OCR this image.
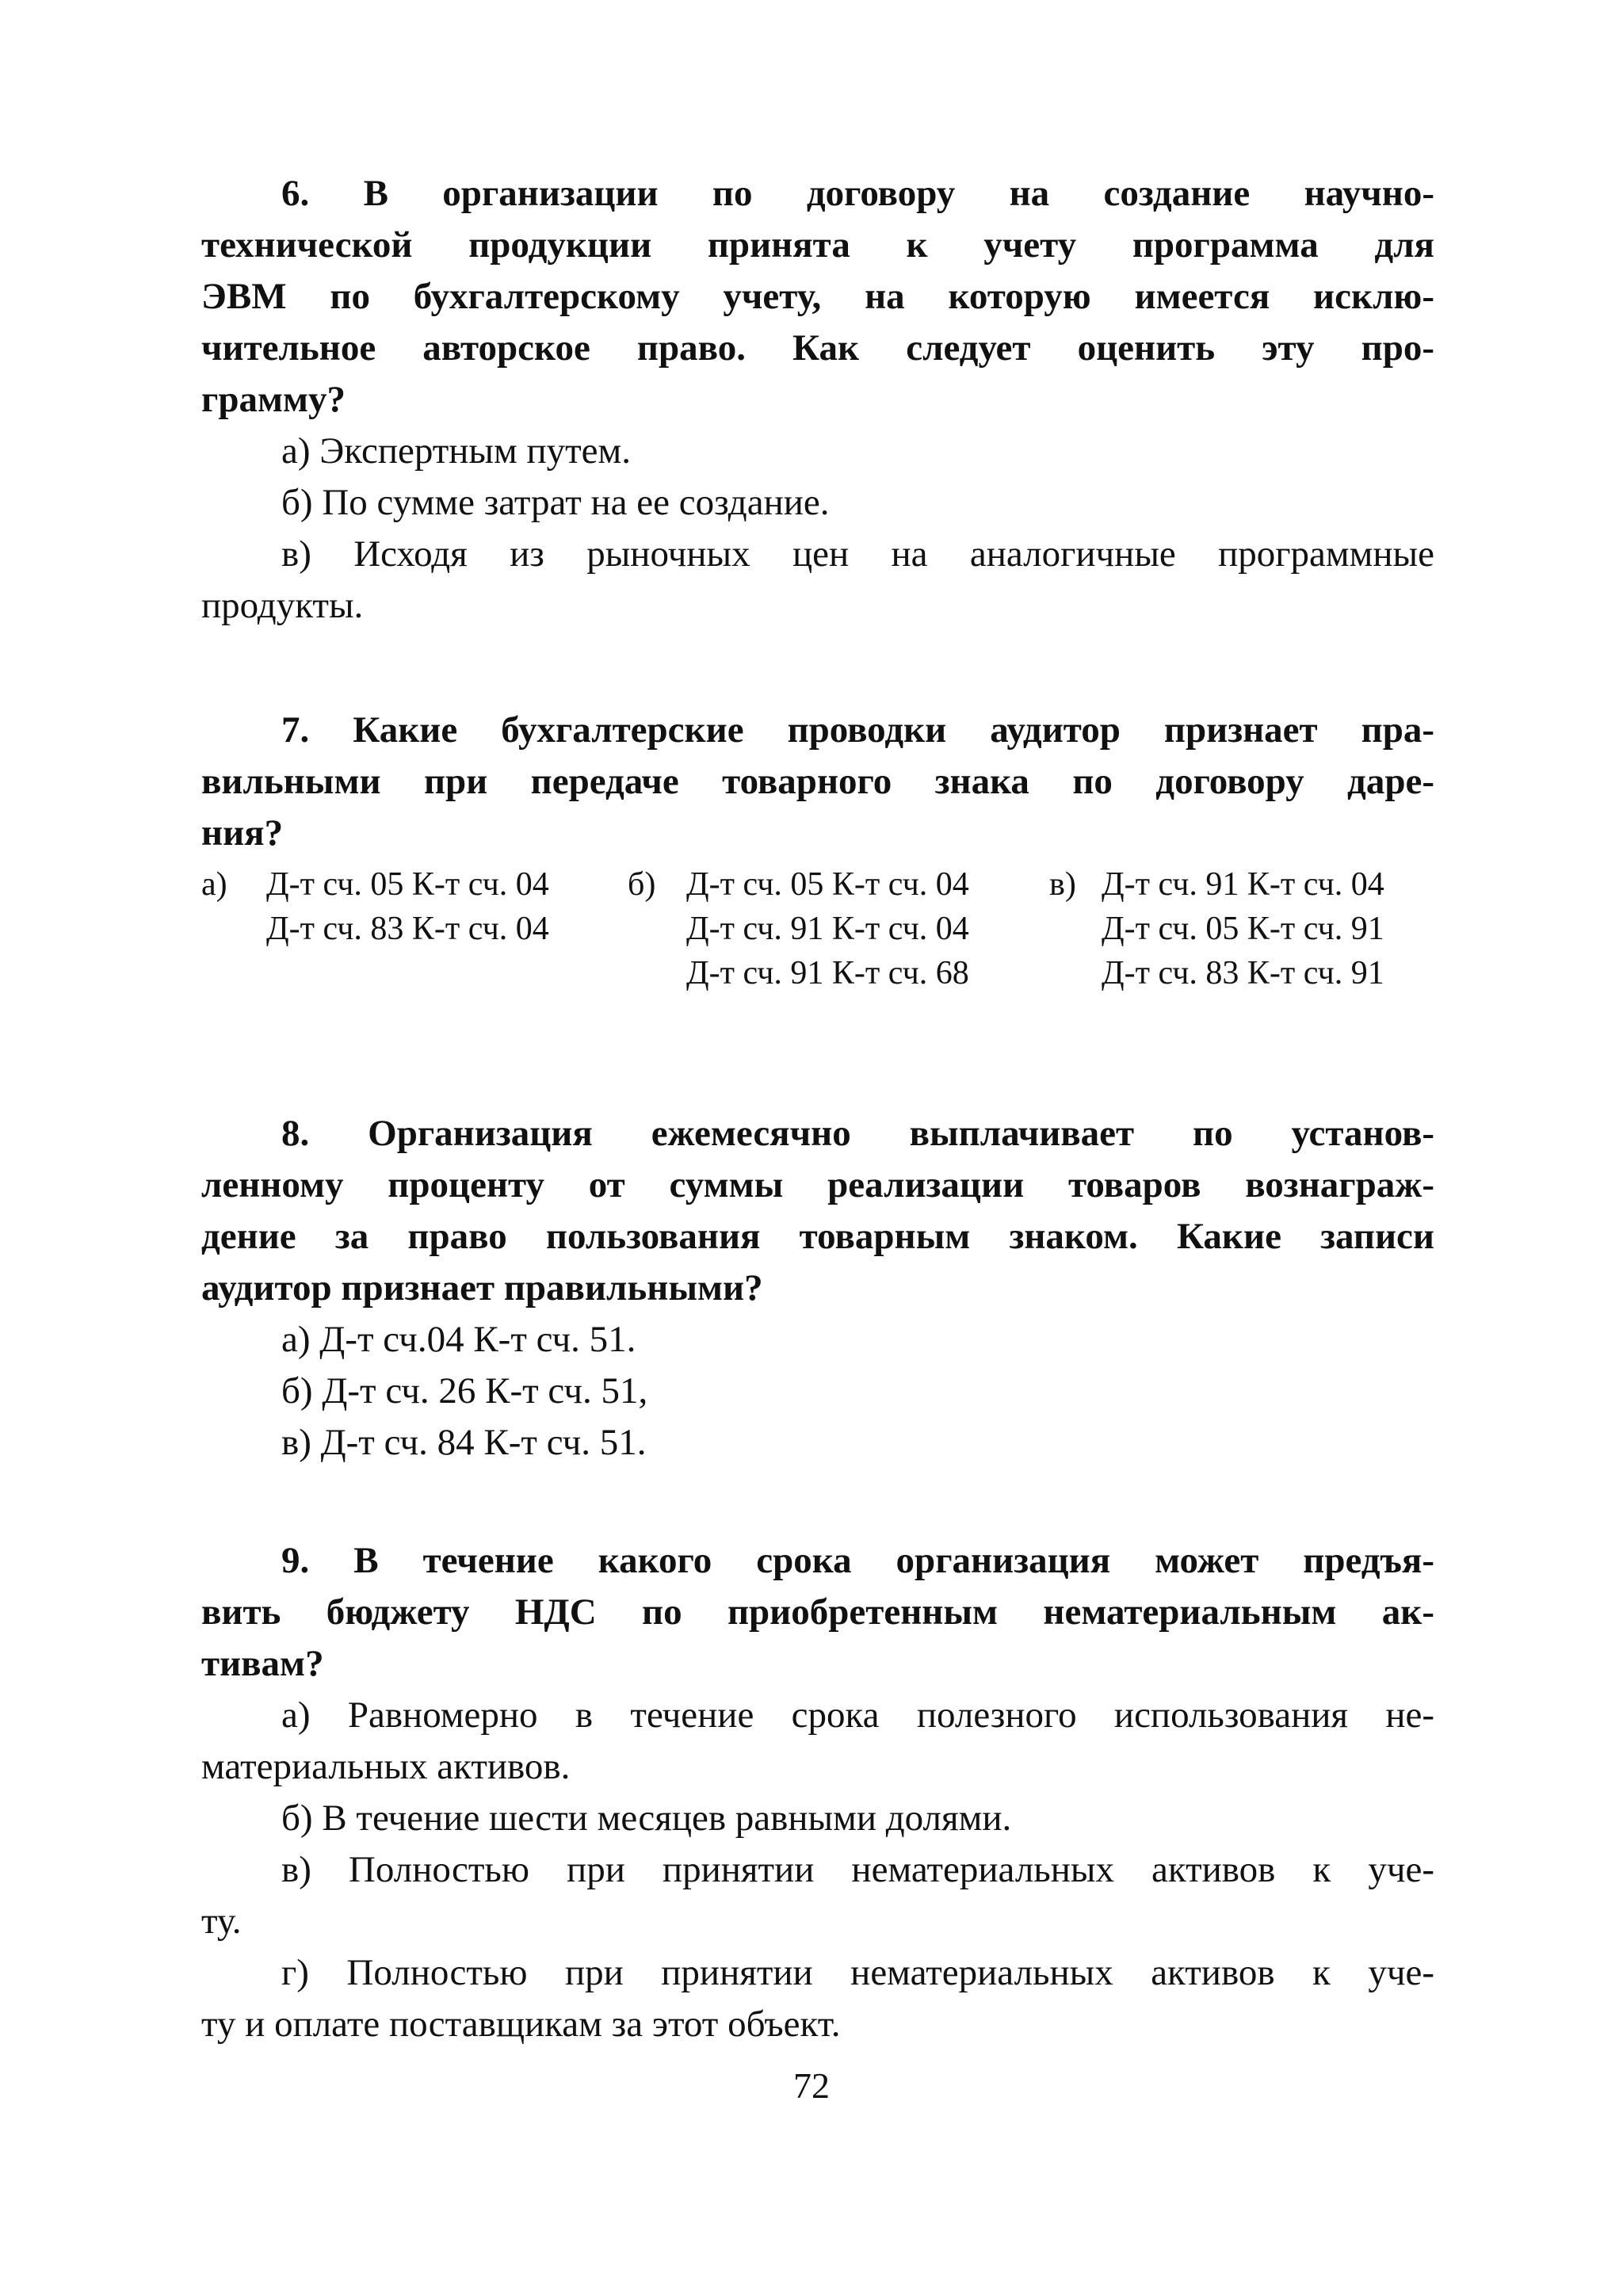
6. В организации по договору на создание научно-
технической продукции принята к учету программа для
ЭВМ по бухгалтерскому учету, на которую имеется исклю-
чительное авторское право. Как следует оценить эту про-
грамму?
а) Экспертным путем.
б) По сумме затрат на ее создание.
в) Исходя из рыночных цен на аналогичные программные
продукты.
7. Какие бухгалтерские проводки аудитор признает пра-
вильными при передаче товарного знака по договору даре-
ния?
а) Д-т сч. 05 К-т сч. 04
Д-т сч. 83 К-т сч. 04
б) Д-т сч. 05 К-т сч. 04
Д-т сч. 91 К-т сч. 04
Д-т сч. 91 К-т сч. 68
в) Д-т сч. 91 К-т сч. 04
Д-т сч. 05 К-т сч. 91
Д-т сч. 83 К-т сч. 91
8. Организация ежемесячно выплачивает по установ-
ленному проценту от суммы реализации товаров вознаграж-
дение за право пользования товарным знаком. Какие записи
аудитор признает правильными?
а) Д-т сч.04 К-т сч. 51.
б) Д-т сч. 26 К-т сч. 51,
в) Д-т сч. 84 К-т сч. 51.
9. В течение какого срока организация может предъя-
вить бюджету НДС по приобретенным нематериальным ак-
тивам?
а) Равномерно в течение срока полезного использования не-
материальных активов.
б) В течение шести месяцев равными долями.
в) Полностью при принятии нематериальных активов к уче-
ту.
г) Полностью при принятии нематериальных активов к уче-
ту и оплате поставщикам за этот объект.
72
